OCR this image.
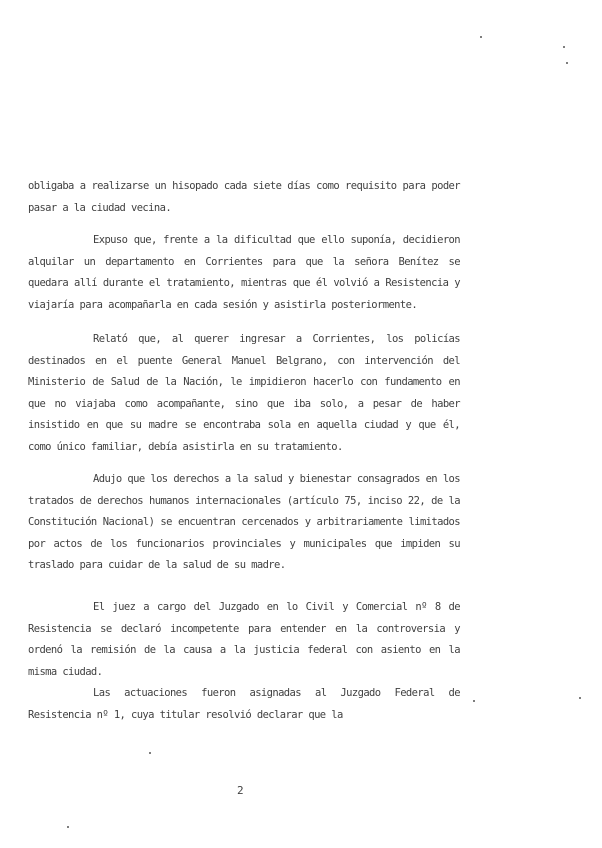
obligaba a realizarse un hisopado cada siete días como requisito para poder pasar a la ciudad vecina.

Expuso que, frente a la dificultad que ello suponía, decidieron alquilar un departamento en Corrientes para que la señora Benítez se quedara allí durante el tratamiento, mientras que él volvió a Resistencia y viajaría para acompañarla en cada sesión y asistirla posteriormente.

Relató que, al querer ingresar a Corrientes, los policías destinados en el puente General Manuel Belgrano, con intervención del Ministerio de Salud de la Nación, le impidieron hacerlo con fundamento en que no viajaba como acompañante, sino que iba solo, a pesar de haber insistido en que su madre se encontraba sola en aquella ciudad y que él, como único familiar, debía asistirla en su tratamiento.

Adujo que los derechos a la salud y bienestar consagrados en los tratados de derechos humanos internacionales (artículo 75, inciso 22, de la Constitución Nacional) se encuentran cercenados y arbitrariamente limitados por actos de los funcionarios provinciales y municipales que impiden su traslado para cuidar de la salud de su madre.

El juez a cargo del Juzgado en lo Civil y Comercial nº 8 de Resistencia se declaró incompetente para entender en la controversia y ordenó la remisión de la causa a la justicia federal con asiento en la misma ciudad.

Las actuaciones fueron asignadas al Juzgado Federal de Resistencia nº 1, cuya titular resolvió declarar que la

2
